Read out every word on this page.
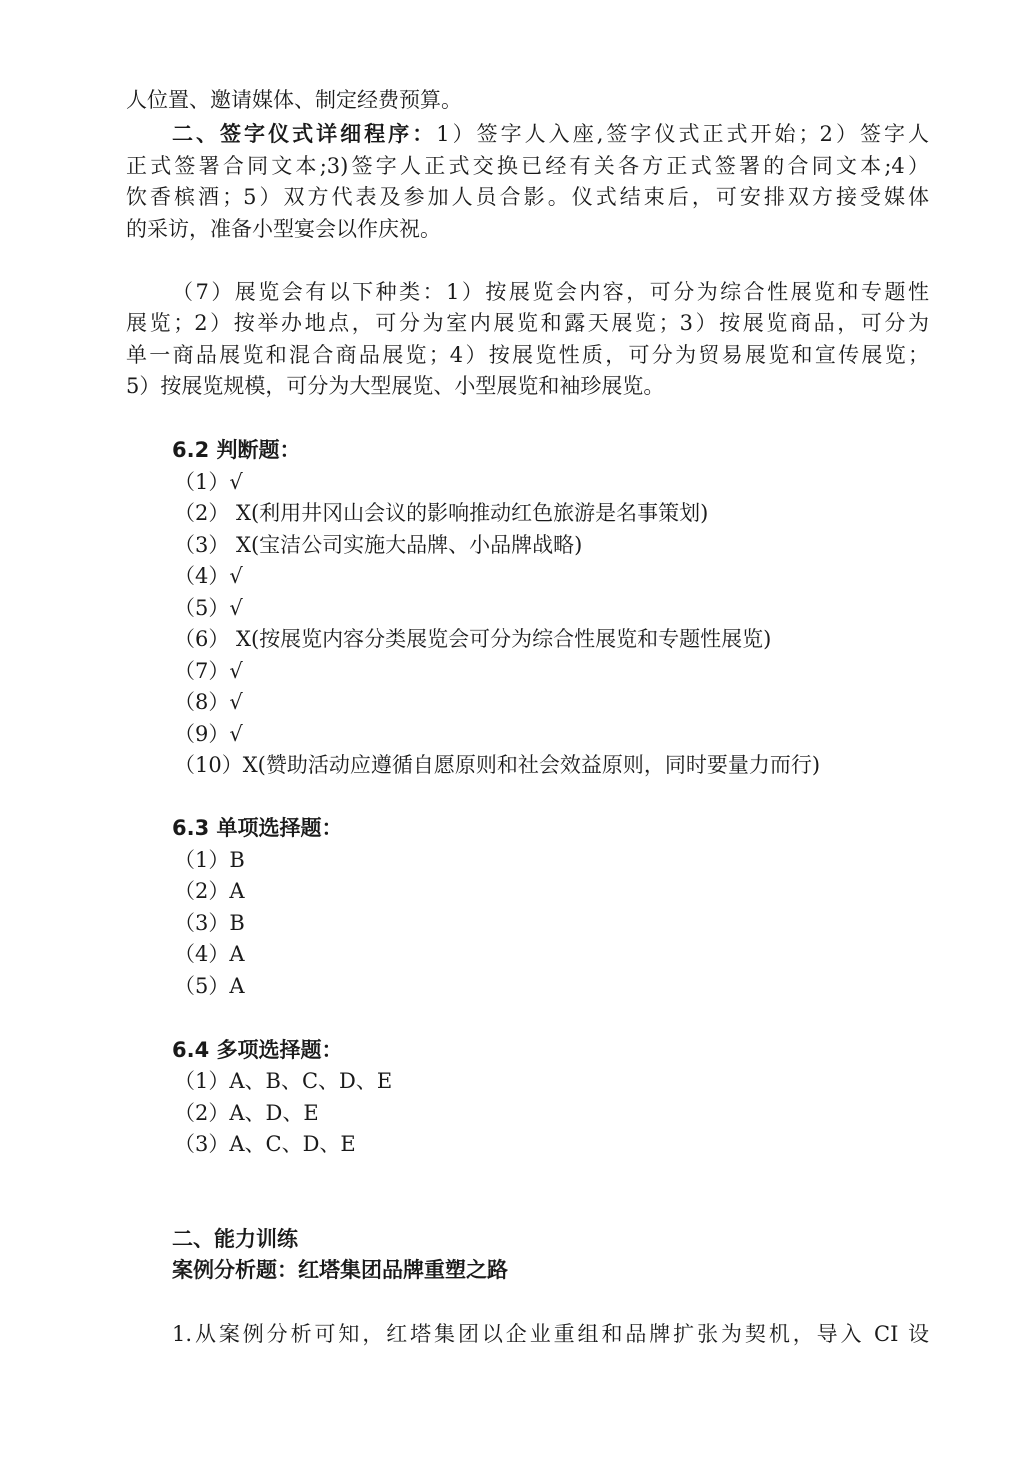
人位置、邀请媒体、制定经费预算。
二、签字仪式详细程序：1）签字人入座,签字仪式正式开始；2）签字人
正式签署合同文本;3)签字人正式交换已经有关各方正式签署的合同文本;4）
饮香槟酒；5）双方代表及参加人员合影。仪式结束后，可安排双方接受媒体
的采访，准备小型宴会以作庆祝。
（7）展览会有以下种类：1）按展览会内容，可分为综合性展览和专题性
展览；2）按举办地点，可分为室内展览和露天展览；3）按展览商品，可分为
单一商品展览和混合商品展览；4）按展览性质，可分为贸易展览和宣传展览；
5）按展览规模，可分为大型展览、小型展览和袖珍展览。
6.2 判断题：
（1）√
（2） X(利用井冈山会议的影响推动红色旅游是名事策划)
（3） X(宝洁公司实施大品牌、小品牌战略)
（4）√
（5）√
（6） X(按展览内容分类展览会可分为综合性展览和专题性展览)
（7）√
（8）√
（9）√
（10）X(赞助活动应遵循自愿原则和社会效益原则，同时要量力而行)
6.3 单项选择题：
（1）B
（2）A
（3）B
（4）A
（5）A
6.4 多项选择题：
（1）A、B、C、D、E
（2）A、D、E
（3）A、C、D、E
二、能力训练
案例分析题：红塔集团品牌重塑之路
1.从案例分析可知，红塔集团以企业重组和品牌扩张为契机，导入 CI 设
